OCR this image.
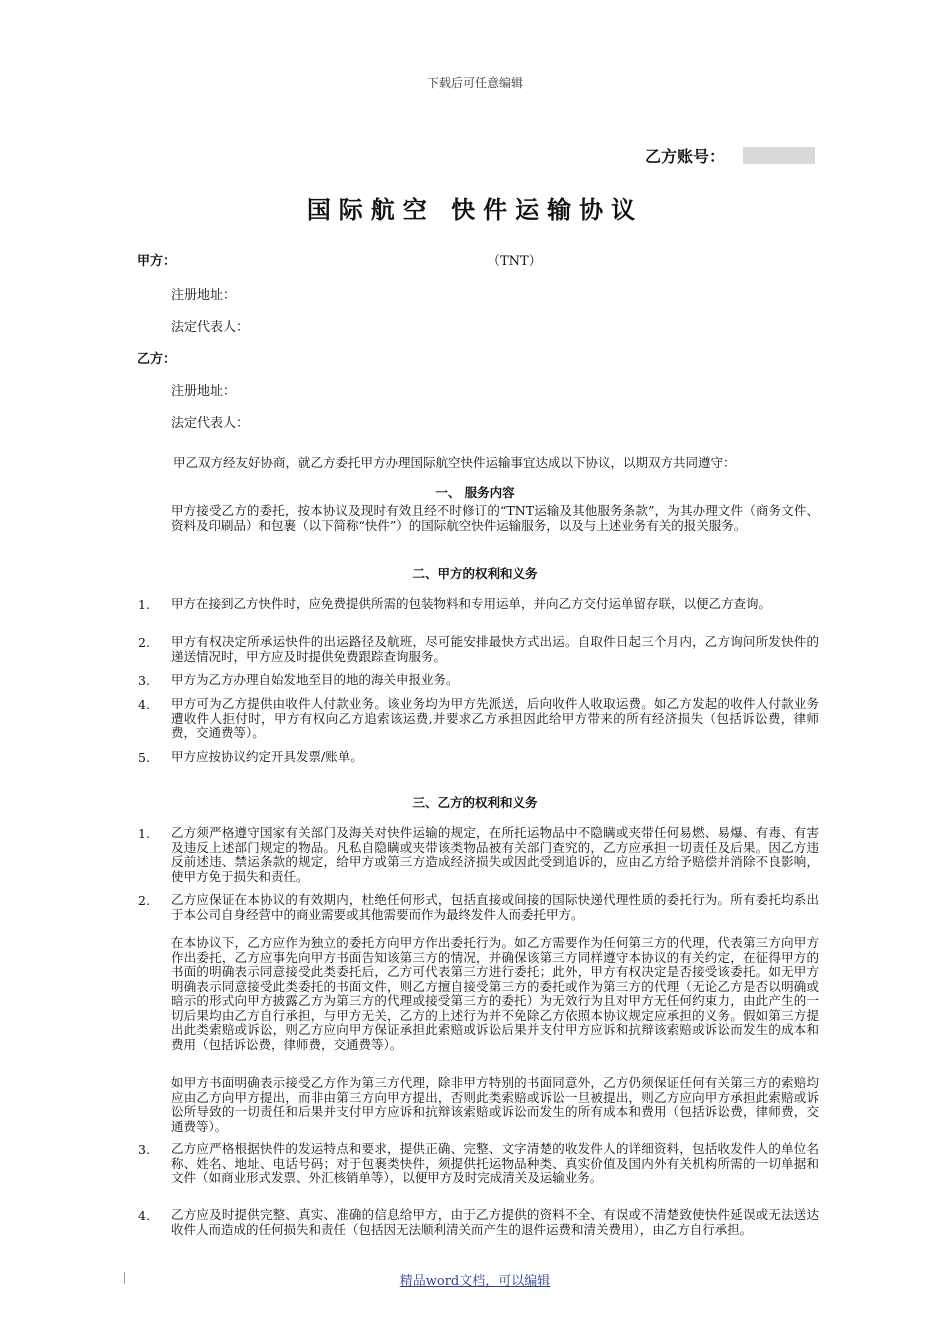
下载后可任意编辑
乙方账号：
国际航空 快件运输协议
甲方：	（TNT）
注册地址：
法定代表人：
乙方：
注册地址：
法定代表人：
甲乙双方经友好协商，就乙方委托甲方办理国际航空快件运输事宜达成以下协议，以期双方共同遵守：
一、 服务内容
甲方接受乙方的委托，按本协议及现时有效且经不时修订的“TNT运输及其他服务条款”，为其办理文件（商务文件、资料及印刷品）和包裹（以下简称“快件”）的国际航空快件运输服务，以及与上述业务有关的报关服务。
二、甲方的权利和义务
1. 甲方在接到乙方快件时，应免费提供所需的包装物料和专用运单，并向乙方交付运单留存联，以便乙方查询。
2. 甲方有权决定所承运快件的出运路径及航班，尽可能安排最快方式出运。自取件日起三个月内，乙方询问所发快件的递送情况时，甲方应及时提供免费跟踪查询服务。
3. 甲方为乙方办理自始发地至目的地的海关申报业务。
4. 甲方可为乙方提供由收件人付款业务。该业务均为甲方先派送，后向收件人收取运费。如乙方发起的收件人付款业务遭收件人拒付时，甲方有权向乙方追索该运费,并要求乙方承担因此给甲方带来的所有经济损失（包括诉讼费，律师费，交通费等）。
5. 甲方应按协议约定开具发票/账单。
三、乙方的权利和义务
1. 乙方须严格遵守国家有关部门及海关对快件运输的规定，在所托运物品中不隐瞒或夹带任何易燃、易爆、有毒、有害及违反上述部门规定的物品。凡私自隐瞒或夹带该类物品被有关部门查究的，乙方应承担一切责任及后果。因乙方违反前述违、禁运条款的规定，给甲方或第三方造成经济损失或因此受到追诉的，应由乙方给予赔偿并消除不良影响，使甲方免于损失和责任。
2. 乙方应保证在本协议的有效期内，杜绝任何形式，包括直接或间接的国际快递代理性质的委托行为。所有委托均系出于本公司自身经营中的商业需要或其他需要而作为最终发件人而委托甲方。
在本协议下，乙方应作为独立的委托方向甲方作出委托行为。如乙方需要作为任何第三方的代理，代表第三方向甲方作出委托，乙方应事先向甲方书面告知该第三方的情况，并确保该第三方同样遵守本协议的有关约定，在征得甲方的书面的明确表示同意接受此类委托后，乙方可代表第三方进行委托；此外，甲方有权决定是否接受该委托。如无甲方明确表示同意接受此类委托的书面文件，则乙方擅自接受第三方的委托或作为第三方的代理（无论乙方是否以明确或暗示的形式向甲方披露乙方为第三方的代理或接受第三方的委托）为无效行为且对甲方无任何约束力，由此产生的一切后果均由乙方自行承担，与甲方无关，乙方的上述行为并不免除乙方依照本协议规定应承担的义务。假如第三方提出此类索赔或诉讼，则乙方应向甲方保证承担此索赔或诉讼后果并支付甲方应诉和抗辩该索赔或诉讼而发生的成本和费用（包括诉讼费，律师费，交通费等）。
如甲方书面明确表示接受乙方作为第三方代理，除非甲方特别的书面同意外，乙方仍须保证任何有关第三方的索赔均应由乙方向甲方提出，而非由第三方向甲方提出，否则此类索赔或诉讼一旦被提出，则乙方应向甲方承担此索赔或诉讼所导致的一切责任和后果并支付甲方应诉和抗辩该索赔或诉讼而发生的所有成本和费用（包括诉讼费，律师费，交通费等）。
3. 乙方应严格根据快件的发运特点和要求，提供正确、完整、文字清楚的收发件人的详细资料，包括收发件人的单位名称、姓名、地址、电话号码；对于包裹类快件，须提供托运物品种类、真实价值及国内外有关机构所需的一切单据和文件（如商业形式发票、外汇核销单等），以便甲方及时完成清关及运输业务。
4. 乙方应及时提供完整、真实、准确的信息给甲方，由于乙方提供的资料不全、有误或不清楚致使快件延误或无法送达收件人而造成的任何损失和责任（包括因无法顺利清关而产生的退件运费和清关费用），由乙方自行承担。
精品word文档，可以编辑
